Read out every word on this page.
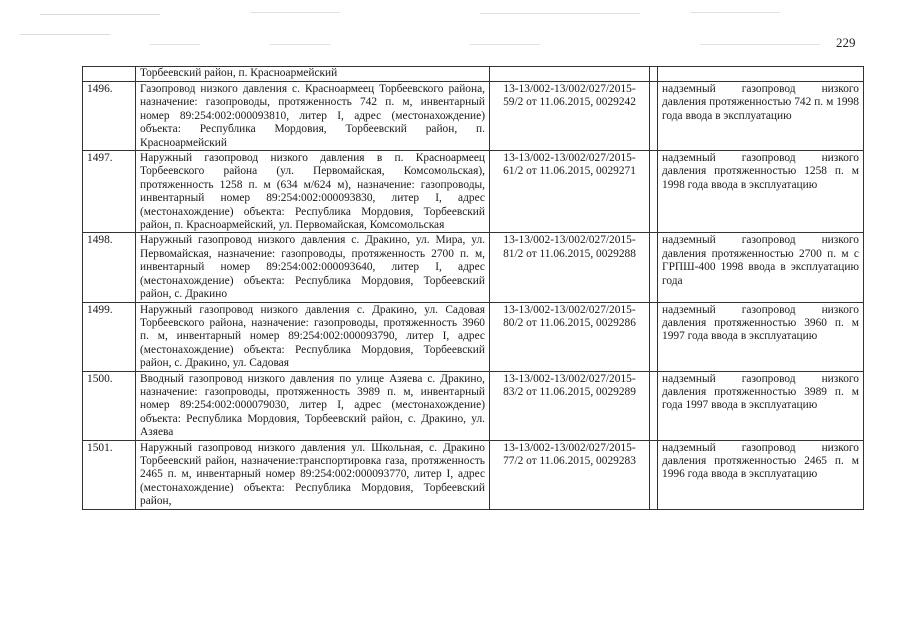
229
	Торбеевский район, п. Красноармейский			
1496.	Газопровод низкого давления с. Красноармеец Торбеевского района, назначение: газопроводы, протяженность 742 п. м, инвентарный номер 89:254:002:000093810, литер I, адрес (местонахождение) объекта: Республика Мордовия, Торбеевский район, п. Красноармейский	13-13/002-13/002/027/2015-59/2 от 11.06.2015, 0029242		надземный газопровод низкого давления протяженностью 742 п. м 1998 года ввода в эксплуатацию
1497.	Наружный газопровод низкого давления в п. Красноармеец Торбеевского района (ул. Первомайская, Комсомольская), протяженность 1258 п. м (634 м/624 м), назначение: газопроводы, инвентарный номер 89:254:002:000093830, литер I, адрес (местонахождение) объекта: Республика Мордовия, Торбеевский район, п. Красноармейский, ул. Первомайская, Комсомольская	13-13/002-13/002/027/2015-61/2 от 11.06.2015, 0029271		надземный газопровод низкого давления протяженностью 1258 п. м 1998 года ввода в эксплуатацию
1498.	Наружный газопровод низкого давления с. Дракино, ул. Мира, ул. Первомайская, назначение: газопроводы, протяженность 2700 п. м, инвентарный номер 89:254:002:000093640, литер I, адрес (местонахождение) объекта: Республика Мордовия, Торбеевский район, с. Дракино	13-13/002-13/002/027/2015-81/2 от 11.06.2015, 0029288		надземный газопровод низкого давления протяженностью 2700 п. м с ГРПШ-400 1998 ввода в эксплуатацию года
1499.	Наружный газопровод низкого давления с. Дракино, ул. Садовая Торбеевского района, назначение: газопроводы, протяженность 3960 п. м, инвентарный номер 89:254:002:000093790, литер I, адрес (местонахождение) объекта: Республика Мордовия, Торбеевский район, с. Дракино, ул. Садовая	13-13/002-13/002/027/2015-80/2 от 11.06.2015, 0029286		надземный газопровод низкого давления протяженностью 3960 п. м 1997 года ввода в эксплуатацию
1500.	Вводный газопровод низкого давления по улице Азяева с. Дракино, назначение: газопроводы, протяженность 3989 п. м, инвентарный номер 89:254:002:000079030, литер I, адрес (местонахождение) объекта: Республика Мордовия, Торбеевский район, с. Дракино, ул. Азяева	13-13/002-13/002/027/2015-83/2 от 11.06.2015, 0029289		надземный газопровод низкого давления протяженностью 3989 п. м года 1997 ввода в эксплуатацию
1501.	Наружный газопровод низкого давления ул. Школьная, с. Дракино Торбеевский район, назначение:транспортировка газа, протяженность 2465 п. м, инвентарный номер 89:254:002:000093770, литер I, адрес (местонахождение) объекта: Республика Мордовия, Торбеевский район,	13-13/002-13/002/027/2015-77/2 от 11.06.2015, 0029283		надземный газопровод низкого давления протяженностью 2465 п. м 1996 года ввода в эксплуатацию
